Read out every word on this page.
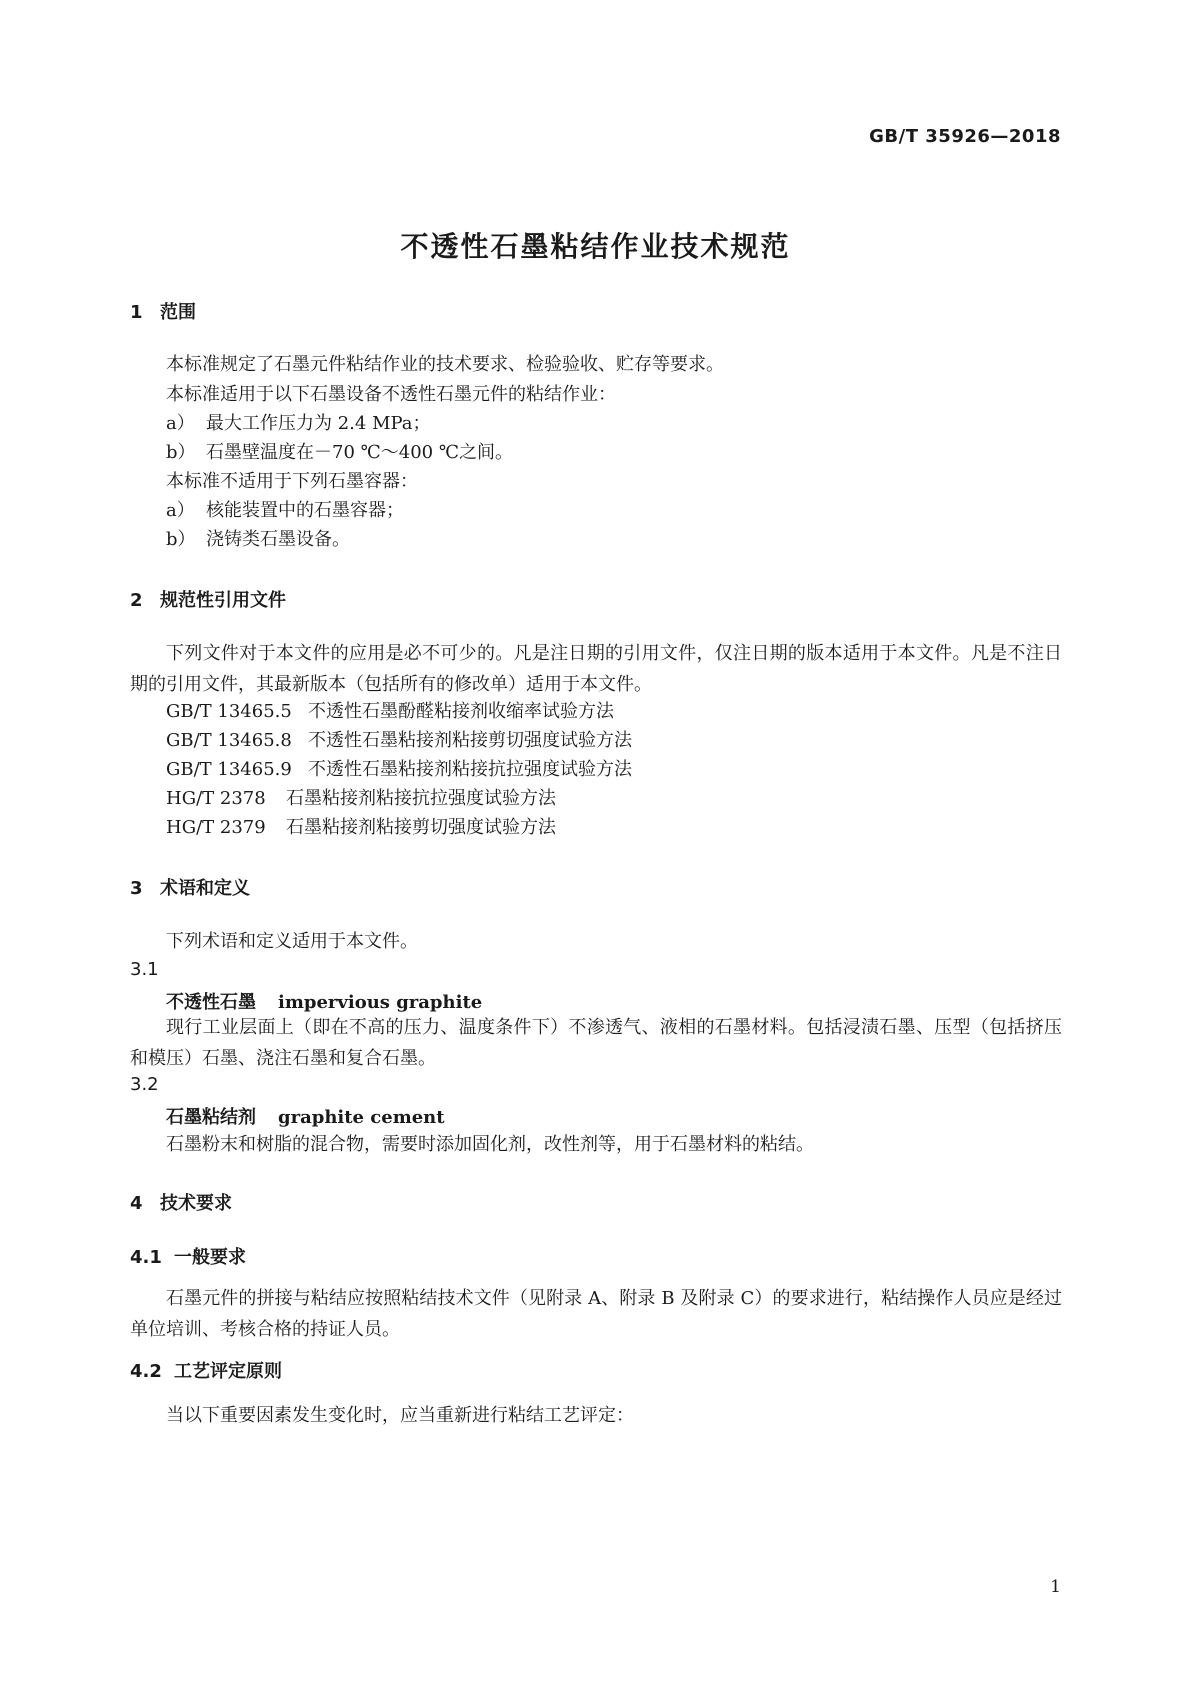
GB/T 35926—2018
不透性石墨粘结作业技术规范
1 范围
本标准规定了石墨元件粘结作业的技术要求、检验验收、贮存等要求。
本标准适用于以下石墨设备不透性石墨元件的粘结作业：
a） 最大工作压力为 2.4 MPa；
b） 石墨壁温度在－70 ℃～400 ℃之间。
本标准不适用于下列石墨容器：
a） 核能装置中的石墨容器；
b） 浇铸类石墨设备。
2 规范性引用文件
下列文件对于本文件的应用是必不可少的。凡是注日期的引用文件，仅注日期的版本适用于本文件。凡是不注日期的引用文件，其最新版本（包括所有的修改单）适用于本文件。
GB/T 13465.5 不透性石墨酚醛粘接剂收缩率试验方法
GB/T 13465.8 不透性石墨粘接剂粘接剪切强度试验方法
GB/T 13465.9 不透性石墨粘接剂粘接抗拉强度试验方法
HG/T 2378 石墨粘接剂粘接抗拉强度试验方法
HG/T 2379 石墨粘接剂粘接剪切强度试验方法
3 术语和定义
下列术语和定义适用于本文件。
3.1
不透性石墨 impervious graphite
现行工业层面上（即在不高的压力、温度条件下）不渗透气、液相的石墨材料。包括浸渍石墨、压型（包括挤压和模压）石墨、浇注石墨和复合石墨。
3.2
石墨粘结剂 graphite cement
石墨粉末和树脂的混合物，需要时添加固化剂，改性剂等，用于石墨材料的粘结。
4 技术要求
4.1 一般要求
石墨元件的拼接与粘结应按照粘结技术文件（见附录 A、附录 B 及附录 C）的要求进行，粘结操作人员应是经过单位培训、考核合格的持证人员。
4.2 工艺评定原则
当以下重要因素发生变化时，应当重新进行粘结工艺评定：
1
